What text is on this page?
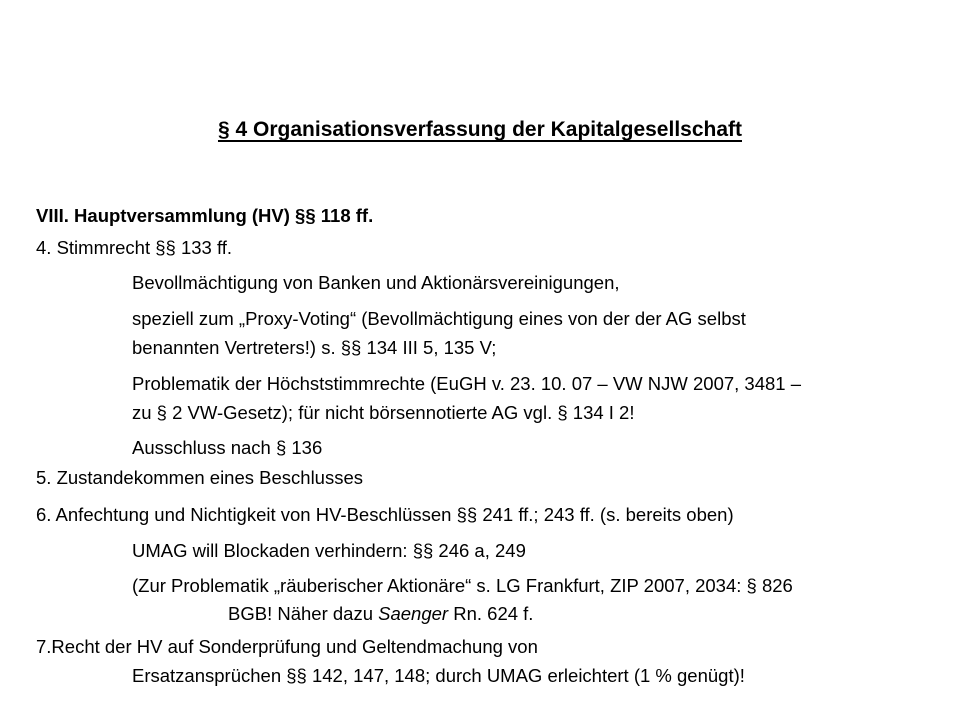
§ 4 Organisationsverfassung der Kapitalgesellschaft
VIII. Hauptversammlung (HV) §§ 118 ff.
4. Stimmrecht §§ 133 ff.
Bevollmächtigung von Banken und Aktionärsvereinigungen,
speziell zum „Proxy-Voting“ (Bevollmächtigung eines von der der AG selbst
benannten Vertreters!) s. §§ 134 III 5, 135 V;
Problematik der Höchststimmrechte (EuGH v. 23. 10. 07 – VW NJW 2007, 3481 –
zu § 2 VW-Gesetz); für nicht börsennotierte AG vgl. § 134 I 2!
Ausschluss nach § 136
5. Zustandekommen eines Beschlusses
6. Anfechtung und Nichtigkeit von HV-Beschlüssen §§ 241 ff.; 243 ff. (s. bereits oben)
UMAG will Blockaden verhindern: §§ 246 a, 249
(Zur Problematik „räuberischer Aktionäre“ s. LG Frankfurt, ZIP 2007, 2034: § 826
BGB! Näher dazu Saenger Rn. 624 f.
7.Recht der HV auf Sonderprüfung und Geltendmachung von
Ersatzansprüchen §§ 142, 147, 148; durch UMAG erleichtert (1 % genügt)!
